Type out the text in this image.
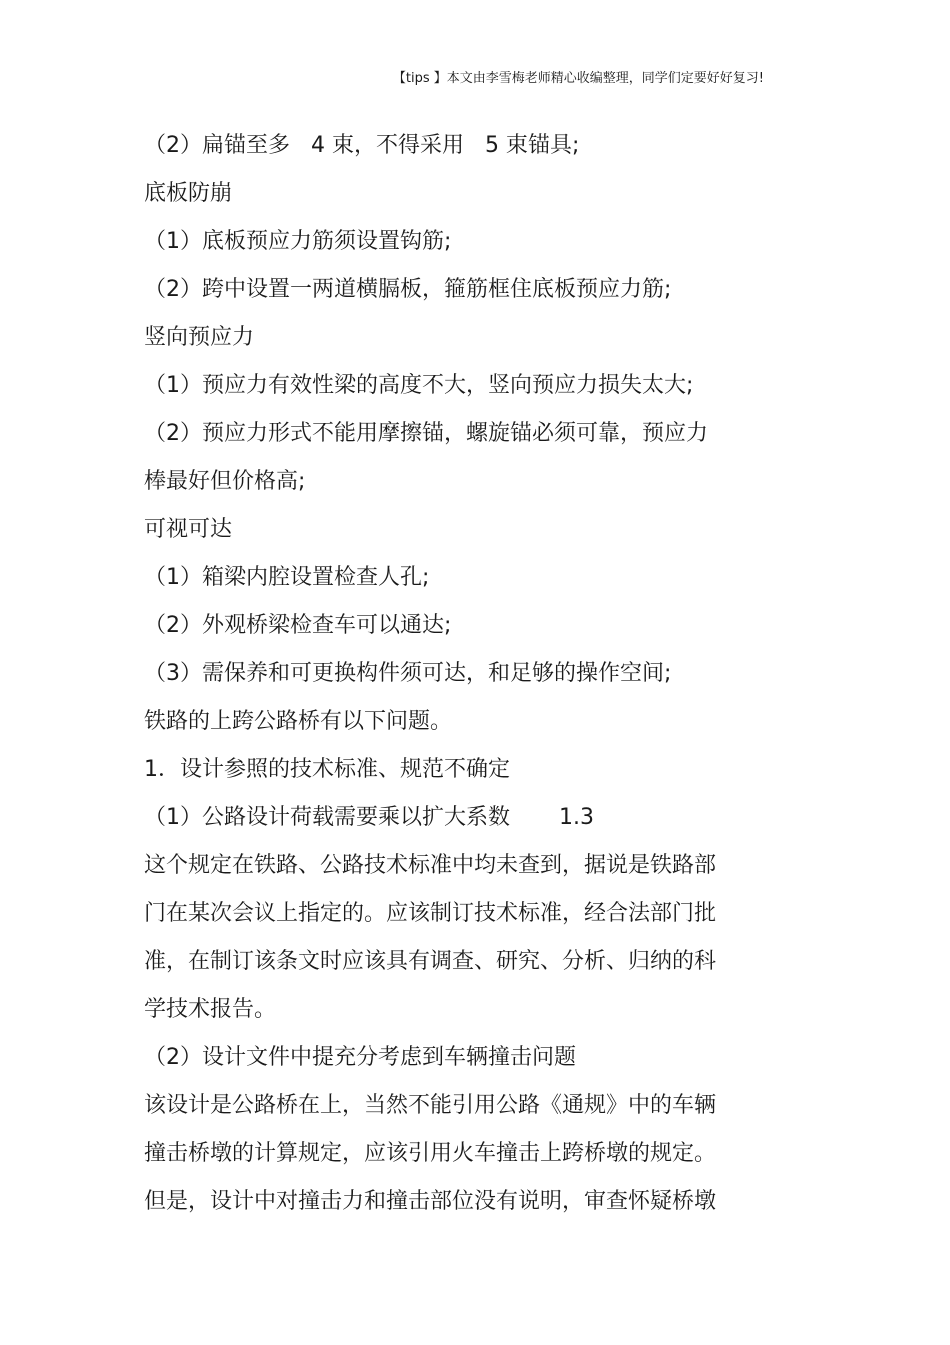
【tips 】本文由李雪梅老师精心收编整理，同学们定要好好复习!
（2）扁锚至多   4 束，不得采用   5 束锚具;
底板防崩
（1）底板预应力筋须设置钩筋;
（2）跨中设置一两道横膈板，箍筋框住底板预应力筋;
竖向预应力
（1）预应力有效性梁的高度不大，竖向预应力损失太大;
（2）预应力形式不能用摩擦锚，螺旋锚必须可靠，预应力
棒最好但价格高;
可视可达
（1）箱梁内腔设置检查人孔;
（2）外观桥梁检查车可以通达;
（3）需保养和可更换构件须可达，和足够的操作空间;
铁路的上跨公路桥有以下问题。
1．设计参照的技术标准、规范不确定
（1）公路设计荷载需要乘以扩大系数       1.3
这个规定在铁路、公路技术标准中均未查到，据说是铁路部
门在某次会议上指定的。应该制订技术标准，经合法部门批
准，在制订该条文时应该具有调查、研究、分析、归纳的科
学技术报告。
（2）设计文件中提充分考虑到车辆撞击问题
该设计是公路桥在上，当然不能引用公路《通规》中的车辆
撞击桥墩的计算规定，应该引用火车撞击上跨桥墩的规定。
但是，设计中对撞击力和撞击部位没有说明，审查怀疑桥墩
